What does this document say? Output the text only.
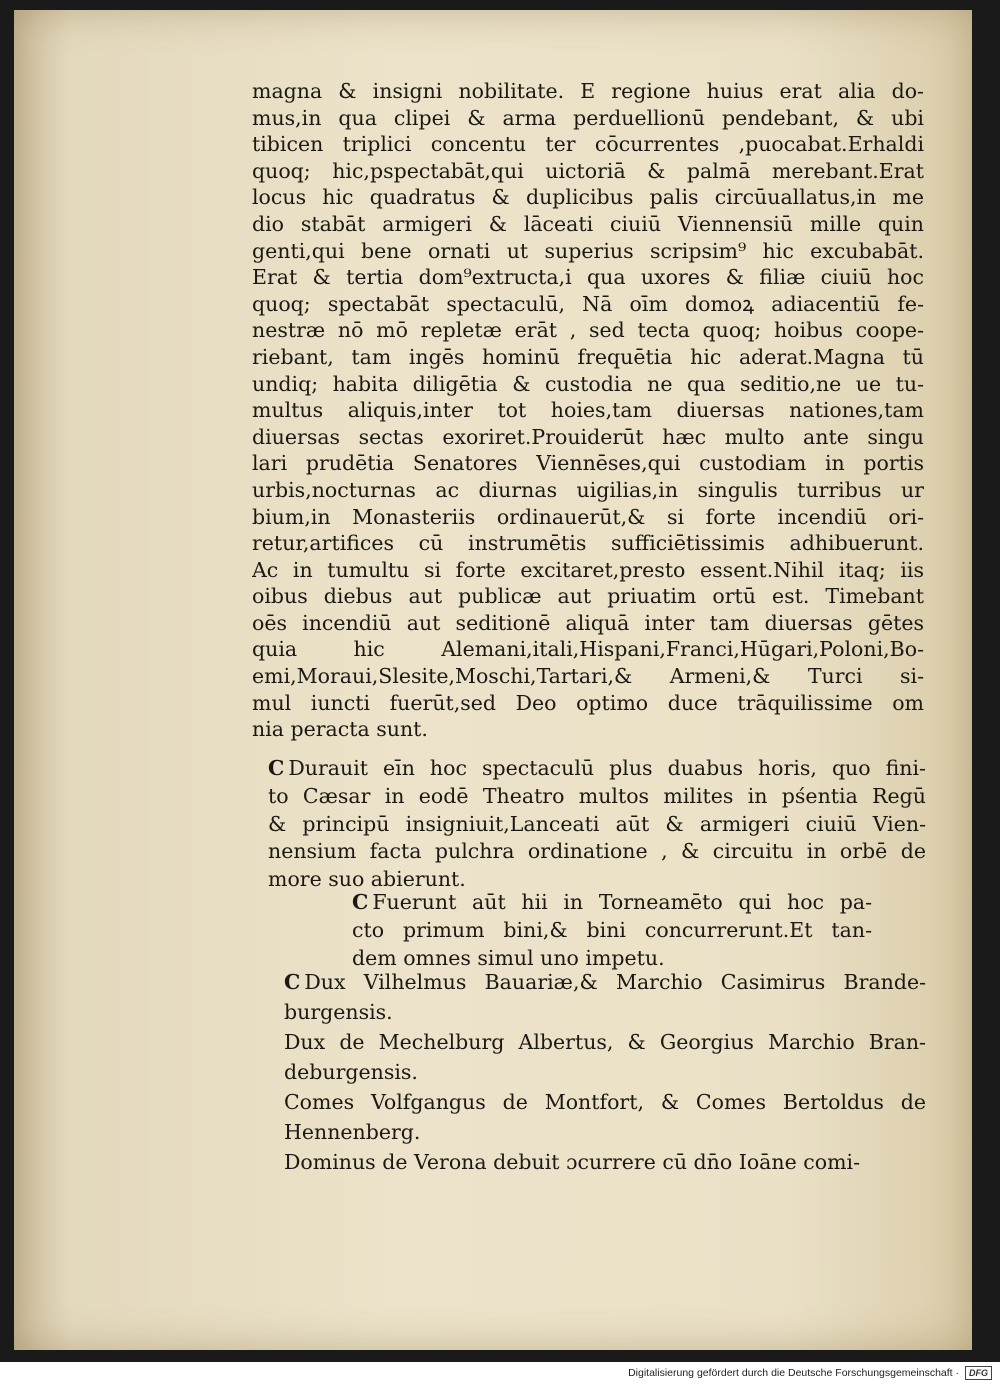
magna & insigni nobilitate. E regione huius erat alia do-
mus,in qua clipei & arma perduellionū pendebant, & ubi
tibicen triplici concentu ter cōcurrentes ,puocabat.Erhaldi
quoq; hic,pspectabāt,qui uictoriā & palmā merebant.Erat
locus hic quadratus & duplicibus palis circūuallatus,in me
dio stabāt armigeri & lāceati ciuiū Viennensiū mille quin
genti,qui bene ornati ut superius scripsim⁹ hic excubabāt.
Erat & tertia dom⁹extructa,i qua uxores & filiæ ciuiū hoc
quoq; spectabāt spectaculū, Nā oīm domoꝝ adiacentiū fe-
nestræ nō mō repletæ erāt , sed tecta quoq; hoibus coope-
riebant, tam ingēs hominū frequētia hic aderat.Magna tū
undiq; habita diligētia & custodia ne qua seditio,ne ue tu-
multus aliquis,inter tot hoies,tam diuersas nationes,tam
diuersas sectas exoriret.Prouiderūt hæc multo ante singu
lari prudētia Senatores Viennēses,qui custodiam in portis
urbis,nocturnas ac diurnas uigilias,in singulis turribus ur
bium,in Monasteriis ordinauerūt,& si forte incendiū ori-
retur,artifices cū instrumētis sufficiētissimis adhibuerunt.
Ac in tumultu si forte excitaret,presto essent.Nihil itaq; iis
oibus diebus aut publicæ aut priuatim ortū est. Timebant
oēs incendiū aut seditionē aliquā inter tam diuersas gētes
quia hic Alemani,itali,Hispani,Franci,Hūgari,Poloni,Bo-
emi,Moraui,Slesite,Moschi,Tartari,& Armeni,& Turci si-
mul iuncti fuerūt,sed Deo optimo duce trāquilissime om
nia peracta sunt.
C Durauit eīn hoc spectaculū plus duabus horis, quo fini-
to Cæsar in eodē Theatro multos milites in pśentia Regū
& principū insigniuit,Lanceati aūt & armigeri ciuiū Vien-
nensium facta pulchra ordinatione , & circuitu in orbē de
more suo abierunt.
C Fuerunt aūt hii in Torneamēto qui hoc pa-
cto primum bini,& bini concurrerunt.Et tan-
dem omnes simul uno impetu.
C Dux Vilhelmus Bauariæ,& Marchio Casimirus Brande-
burgensis.
Dux de Mechelburg Albertus, & Georgius Marchio Bran-
deburgensis.
Comes Volfgangus de Montfort, & Comes Bertoldus de
Hennenberg.
Dominus de Verona debuit ɔcurrere cū dn̄o Ioāne comi-
Digitalisierung gefördert durch die Deutsche Forschungsgemeinschaft ·	DFG
